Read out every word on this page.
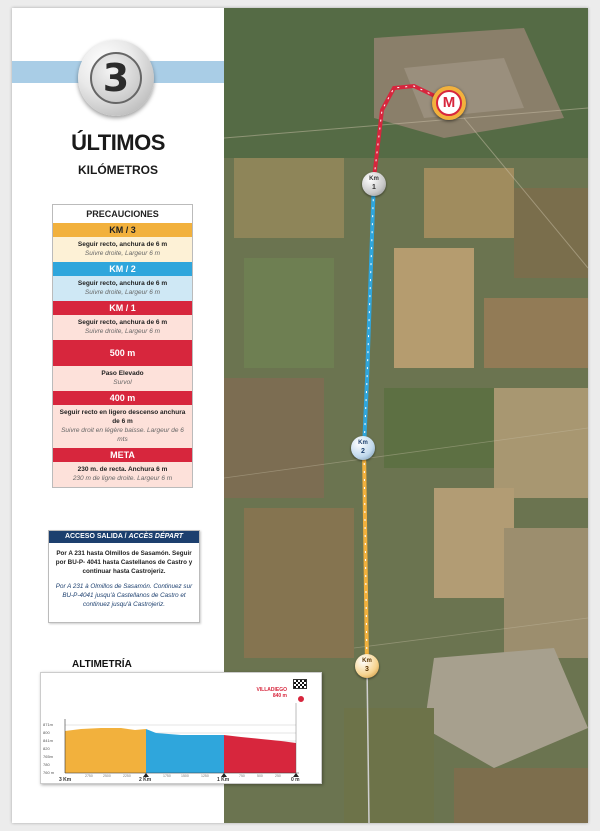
3
ÚLTIMOS
KILÓMETROS
PRECAUCIONES
KM / 3
Seguir recto, anchura de 6 m
Suivre droite, Largeur 6 m
KM / 2
Seguir recto, anchura de 6 m
Suivre droite, Largeur 6 m
KM / 1
Seguir recto, anchura de 6 m
Suivre droite, Largeur 6 m
500 m
Paso Elevado
Survol
400 m
Seguir recto en ligero descenso anchura de 6 m
Suivre droit en légère baisse. Largeur de 6 mts
META
230 m. de recta. Anchura 6 m
230 m de ligne droite. Largeur 6 m
ACCESO SALIDA / ACCÈS DÉPART
Por A 231 hasta Olmillos de Sasamón. Seguir por BU-P- 4041 hasta Castellanos de Castro y continuar hasta Castrojeriz.
Por A 231 à Olmillos de Sasamón. Continuez sur BU-P-4041 jusqu'à Castellanos de Castro et continuez jusqu'à Castrojeriz.
ALTIMETRÍA
Km
1
Km
2
Km
3
M
VILLADIEGO
840 m
871m
800
841m
820
765m
780
760 m
3 Km	2 Km	1 Km	0 m
2750	2500	2250	1750	1500	1250	750	500	250
